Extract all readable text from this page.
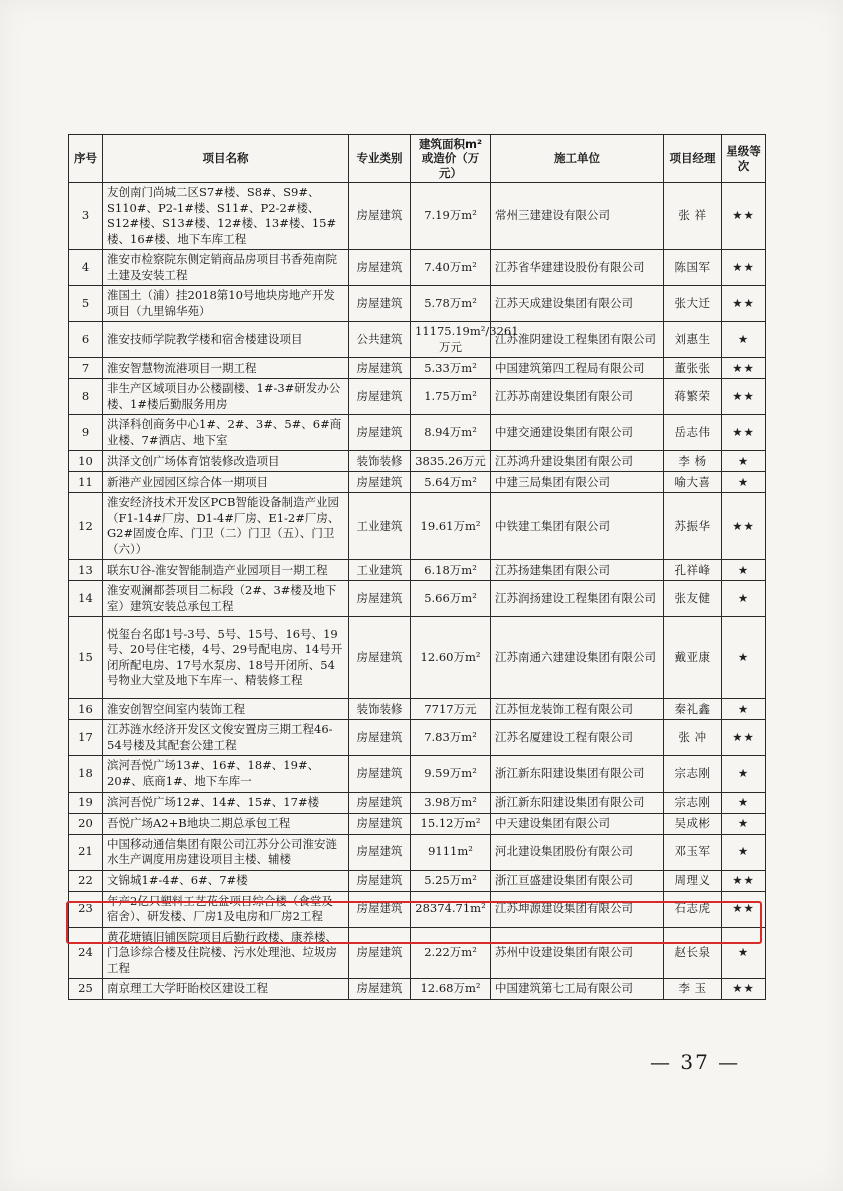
序号	项目名称	专业类别	建筑面积m²或造价（万元）	施工单位	项目经理	星级等次
3	友创南门尚城二区S7#楼、S8#、S9#、S110#、P2-1#楼、S11#、P2-2#楼、S12#楼、S13#楼、12#楼、13#楼、15#楼、16#楼、地下车库工程	房屋建筑	7.19万m²	常州三建建设有限公司	张 祥	★★
4	淮安市检察院东侧定销商品房项目书香苑南院土建及安装工程	房屋建筑	7.40万m²	江苏省华建建设股份有限公司	陈国军	★★
5	淮国土（浦）挂2018第10号地块房地产开发项目（九里锦华苑）	房屋建筑	5.78万m²	江苏天成建设集团有限公司	张大迁	★★
6	淮安技师学院教学楼和宿舍楼建设项目	公共建筑	11175.19m²/3261万元	江苏淮阴建设工程集团有限公司	刘惠生	★
7	淮安智慧物流港项目一期工程	房屋建筑	5.33万m²	中国建筑第四工程局有限公司	董张张	★★
8	非生产区域项目办公楼副楼、1#-3#研发办公楼、1#楼后勤服务用房	房屋建筑	1.75万m²	江苏苏南建设集团有限公司	蒋繁荣	★★
9	洪泽科创商务中心1#、2#、3#、5#、6#商业楼、7#酒店、地下室	房屋建筑	8.94万m²	中建交通建设集团有限公司	岳志伟	★★
10	洪泽文创广场体育馆装修改造项目	装饰装修	3835.26万元	江苏鸿升建设集团有限公司	李 杨	★
11	新港产业园园区综合体一期项目	房屋建筑	5.64万m²	中建三局集团有限公司	喻大喜	★
12	淮安经济技术开发区PCB智能设备制造产业园（F1-14#厂房、D1-4#厂房、E1-2#厂房、G2#固废仓库、门卫（二）门卫（五）、门卫（六））	工业建筑	19.61万m²	中铁建工集团有限公司	苏振华	★★
13	联东U谷-淮安智能制造产业园项目一期工程	工业建筑	6.18万m²	江苏扬建集团有限公司	孔祥峰	★
14	淮安观澜都荟项目二标段（2#、3#楼及地下室）建筑安装总承包工程	房屋建筑	5.66万m²	江苏润扬建设工程集团有限公司	张友健	★
15	悦玺台名邸1号-3号、5号、15号、16号、19号、20号住宅楼，4号、29号配电房、14号开闭所配电房、17号水泵房、18号开闭所、54号物业大堂及地下车库一、精装修工程	房屋建筑	12.60万m²	江苏南通六建建设集团有限公司	戴亚康	★
16	淮安创智空间室内装饰工程	装饰装修	7717万元	江苏恒龙装饰工程有限公司	秦礼鑫	★
17	江苏涟水经济开发区文俊安置房三期工程46-54号楼及其配套公建工程	房屋建筑	7.83万m²	江苏名厦建设工程有限公司	张 冲	★★
18	滨河吾悦广场13#、16#、18#、19#、20#、底商1#、地下车库一	房屋建筑	9.59万m²	浙江新东阳建设集团有限公司	宗志刚	★
19	滨河吾悦广场12#、14#、15#、17#楼	房屋建筑	3.98万m²	浙江新东阳建设集团有限公司	宗志刚	★
20	吾悦广场A2+B地块二期总承包工程	房屋建筑	15.12万m²	中天建设集团有限公司	吴成彬	★
21	中国移动通信集团有限公司江苏分公司淮安涟水生产调度用房建设项目主楼、辅楼	房屋建筑	9111m²	河北建设集团股份有限公司	邓玉军	★
22	文锦城1#-4#、6#、7#楼	房屋建筑	5.25万m²	浙江亘盛建设集团有限公司	周理义	★★
23	年产2亿只塑料工艺花盆项目综合楼（食堂及宿舍）、研发楼、厂房1及电房和厂房2工程	房屋建筑	28374.71m²	江苏坤源建设集团有限公司	石志虎	★★
24	黄花塘镇旧铺医院项目后勤行政楼、康养楼、门急诊综合楼及住院楼、污水处理池、垃圾房工程	房屋建筑	2.22万m²	苏州中设建设集团有限公司	赵长泉	★
25	南京理工大学盱眙校区建设工程	房屋建筑	12.68万m²	中国建筑第七工局有限公司	李 玉	★★
— 37 —
